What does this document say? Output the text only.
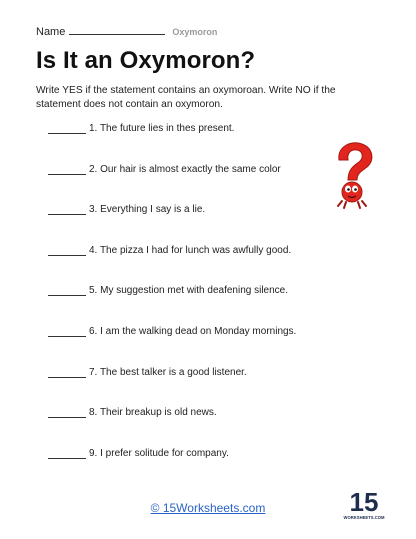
Name	Oxymoron
Is It an Oxymoron?
Write YES if the statement contains an oxymoroan. Write NO if the statement does not contain an oxymoron.
1. The future lies in thes present.
2. Our hair is almost exactly the same color
3. Everything I say is a lie.
4. The pizza I had for lunch was awfully good.
5. My suggestion met with deafening silence.
6. I am the walking dead on Monday mornings.
7. The best talker is a good listener.
8. Their breakup is old news.
9. I prefer solitude for company.
© 15Worksheets.com	15
WORKSHEETS.COM
